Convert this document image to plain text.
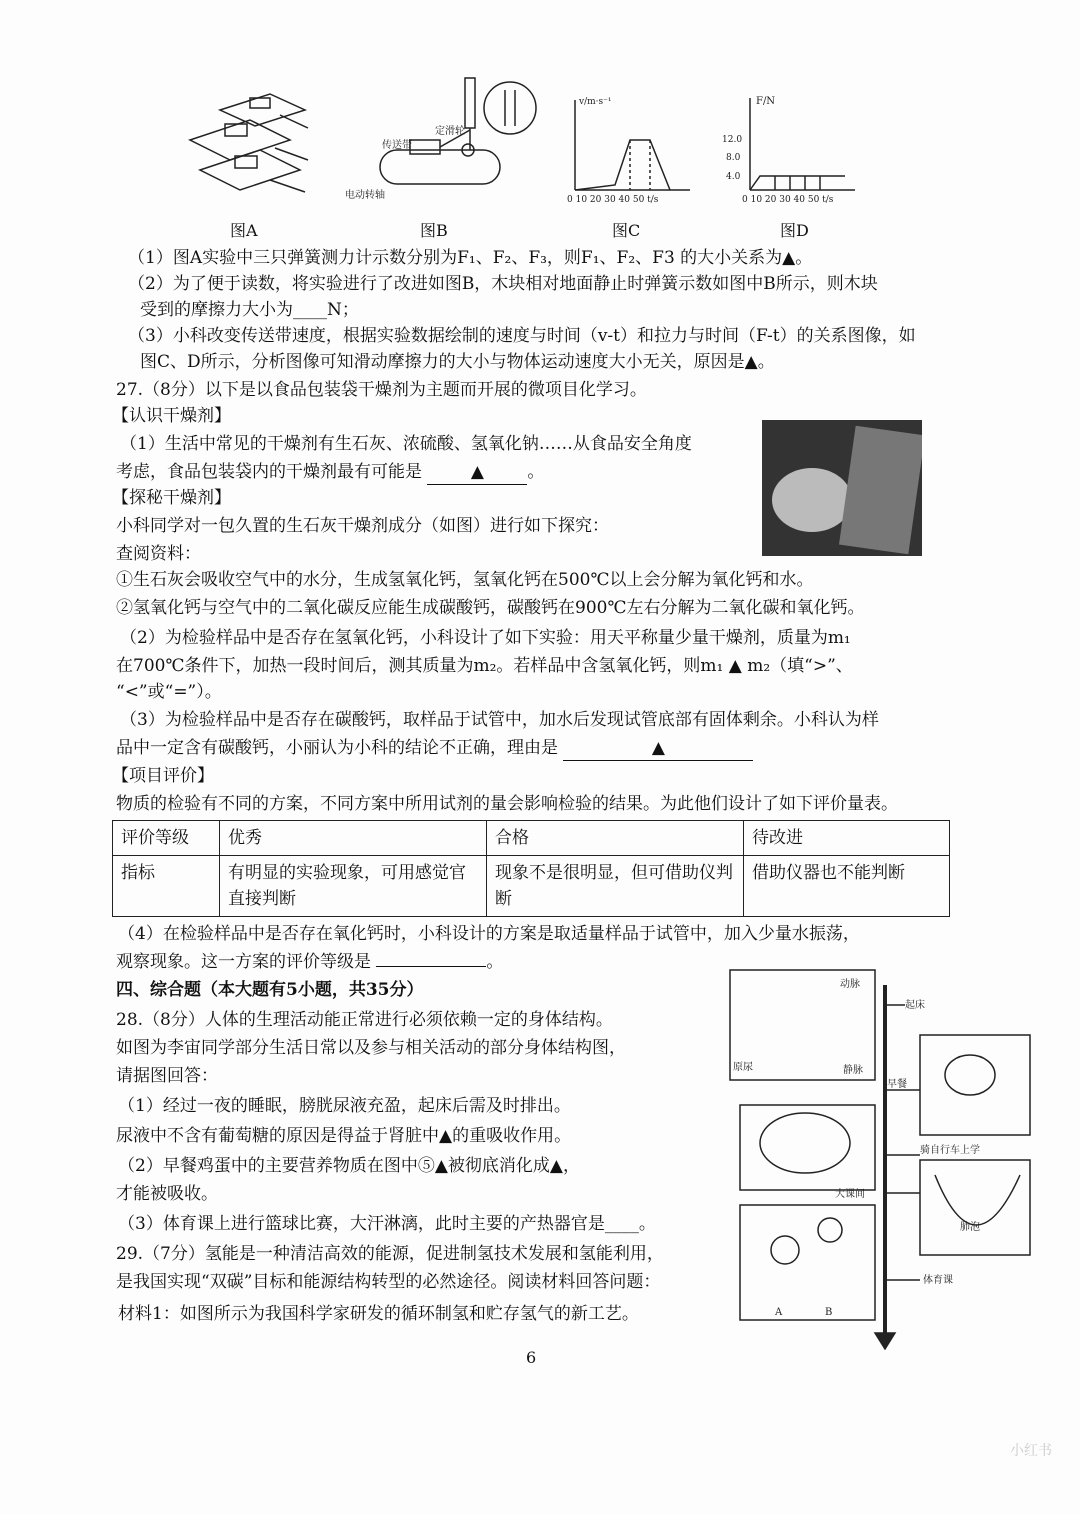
图A
传送带
定滑轮
电动转轴
图B
v/m·s⁻¹
0 10 20 30 40 50 t/s
图C
F/N
12.0
8.0
4.0
0 10 20 30 40 50 t/s
图D
（1）图A实验中三只弹簧测力计示数分别为F₁、F₂、F₃，则F₁、F₂、F3 的大小关系为▲。
（2）为了便于读数，将实验进行了改进如图B，木块相对地面静止时弹簧示数如图中B所示，则木块
受到的摩擦力大小为____N；
（3）小科改变传送带速度，根据实验数据绘制的速度与时间（v-t）和拉力与时间（F-t）的关系图像，如
图C、D所示，分析图像可知滑动摩擦力的大小与物体运动速度大小无关，原因是▲。
27.（8分）以下是以食品包装袋干燥剂为主题而开展的微项目化学习。
【认识干燥剂】
（1）生活中常见的干燥剂有生石灰、浓硫酸、氢氧化钠……从食品安全角度
考虑，食品包装袋内的干燥剂最有可能是	▲	。
【探秘干燥剂】
小科同学对一包久置的生石灰干燥剂成分（如图）进行如下探究：
查阅资料：
①生石灰会吸收空气中的水分，生成氢氧化钙，氢氧化钙在500℃以上会分解为氧化钙和水。
②氢氧化钙与空气中的二氧化碳反应能生成碳酸钙，碳酸钙在900℃左右分解为二氧化碳和氧化钙。
（2）为检验样品中是否存在氢氧化钙，小科设计了如下实验：用天平称量少量干燥剂，质量为m₁
在700℃条件下，加热一段时间后，测其质量为m₂。若样品中含氢氧化钙，则m₁ ▲ m₂（填“>”、
“<”或“=”）。
（3）为检验样品中是否存在碳酸钙，取样品于试管中，加水后发现试管底部有固体剩余。小科认为样
品中一定含有碳酸钙，小丽认为小科的结论不正确，理由是	▲
【项目评价】
物质的检验有不同的方案，不同方案中所用试剂的量会影响检验的结果。为此他们设计了如下评价量表。
评价等级	优秀	合格	待改进
指标	有明显的实验现象，可用感觉官直接判断	现象不是很明显，但可借助仪判断	借助仪器也不能判断
（4）在检验样品中是否存在氧化钙时，小科设计的方案是取适量样品于试管中，加入少量水振荡，
观察现象。这一方案的评价等级是	。
四、综合题（本大题有5小题，共35分）
28.（8分）人体的生理活动能正常进行必须依赖一定的身体结构。
如图为李宙同学部分生活日常以及参与相关活动的部分身体结构图，
请据图回答：
（1）经过一夜的睡眠，膀胱尿液充盈，起床后需及时排出。
尿液中不含有葡萄糖的原因是得益于肾脏中▲的重吸收作用。
（2）早餐鸡蛋中的主要营养物质在图中⑤▲被彻底消化成▲，
才能被吸收。
（3）体育课上进行篮球比赛，大汗淋漓，此时主要的产热器官是____。
29.（7分）氢能是一种清洁高效的能源，促进制氢技术发展和氢能利用，
是我国实现“双碳”目标和能源结构转型的必然途径。阅读材料回答问题：
材料1：如图所示为我国科学家研发的循环制氢和贮存氢气的新工艺。
起床
早餐
骑自行车上学
大课间
体育课
动脉
原尿	静脉
肺泡
A	B
6
小红书
